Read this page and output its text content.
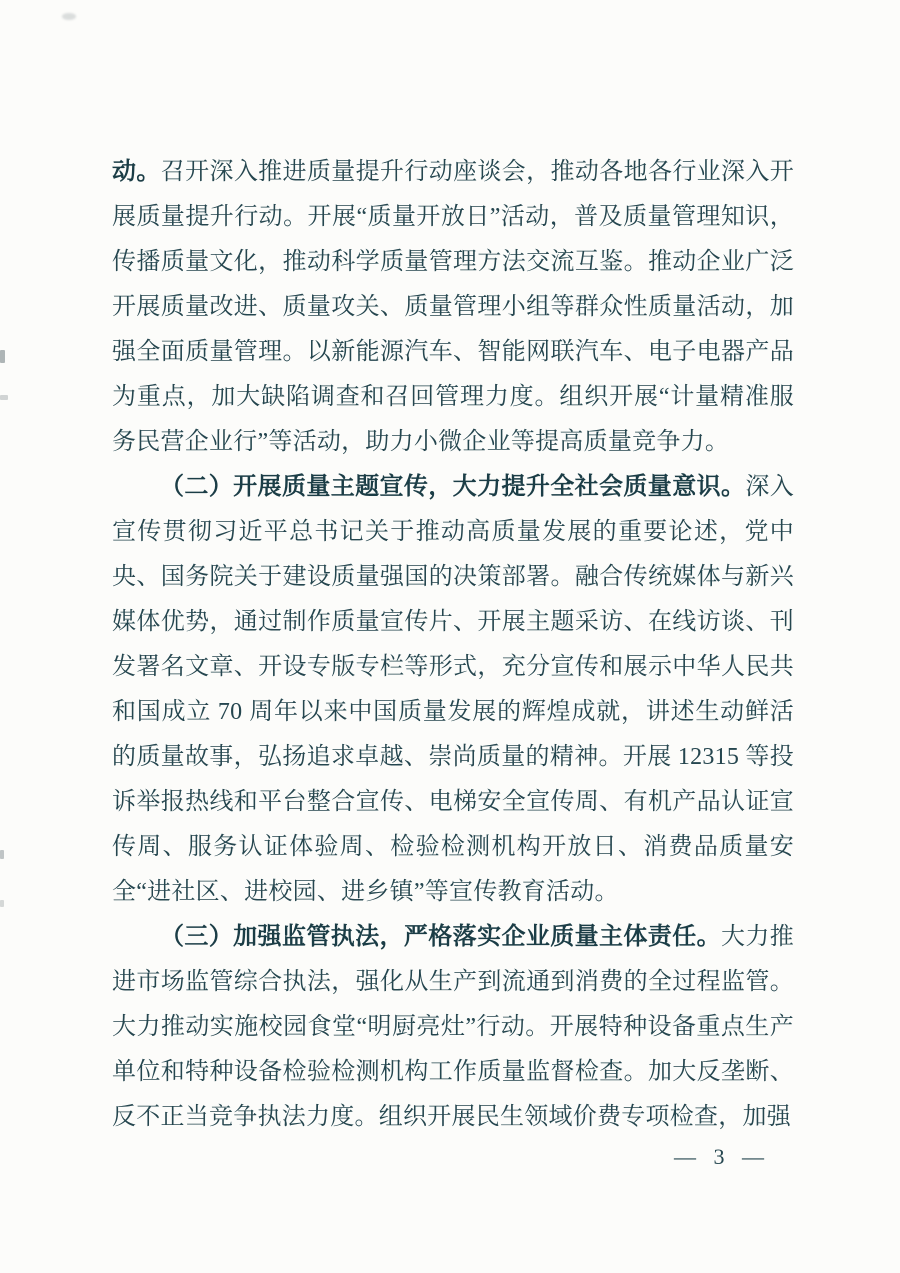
动。召开深入推进质量提升行动座谈会，推动各地各行业深入开展质量提升行动。开展“质量开放日”活动，普及质量管理知识，传播质量文化，推动科学质量管理方法交流互鉴。推动企业广泛开展质量改进、质量攻关、质量管理小组等群众性质量活动，加强全面质量管理。以新能源汽车、智能网联汽车、电子电器产品为重点，加大缺陷调查和召回管理力度。组织开展“计量精准服务民营企业行”等活动，助力小微企业等提高质量竞争力。

（二）开展质量主题宣传，大力提升全社会质量意识。深入宣传贯彻习近平总书记关于推动高质量发展的重要论述，党中央、国务院关于建设质量强国的决策部署。融合传统媒体与新兴媒体优势，通过制作质量宣传片、开展主题采访、在线访谈、刊发署名文章、开设专版专栏等形式，充分宣传和展示中华人民共和国成立 70 周年以来中国质量发展的辉煌成就，讲述生动鲜活的质量故事，弘扬追求卓越、崇尚质量的精神。开展 12315 等投诉举报热线和平台整合宣传、电梯安全宣传周、有机产品认证宣传周、服务认证体验周、检验检测机构开放日、消费品质量安全“进社区、进校园、进乡镇”等宣传教育活动。

（三）加强监管执法，严格落实企业质量主体责任。大力推进市场监管综合执法，强化从生产到流通到消费的全过程监管。大力推动实施校园食堂“明厨亮灶”行动。开展特种设备重点生产单位和特种设备检验检测机构工作质量监督检查。加大反垄断、反不正当竞争执法力度。组织开展民生领域价费专项检查，加强

— 3 —
